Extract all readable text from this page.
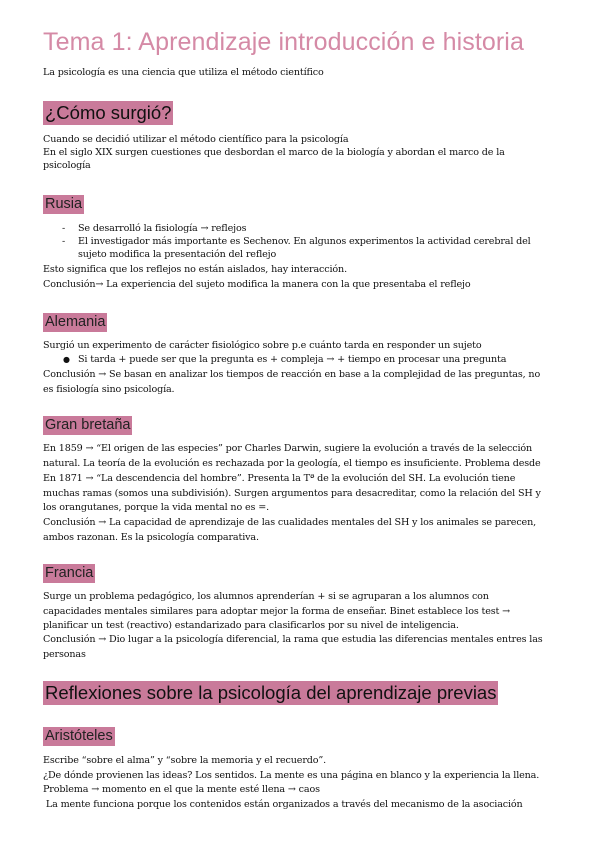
Tema 1: Aprendizaje introducción e historia
La psicología es una ciencia que utiliza el método científico
¿Cómo surgió?
Cuando se decidió utilizar el método científico para la psicología
En el siglo XIX surgen cuestiones que desbordan el marco de la biología y abordan el marco de la
psicología
Rusia
- Se desarrolló la fisiología → reflejos
- El investigador más importante es Sechenov. En algunos experimentos la actividad cerebral del
sujeto modifica la presentación del reflejo
Esto significa que los reflejos no están aislados, hay interacción.
Conclusión→ La experiencia del sujeto modifica la manera con la que presentaba el reflejo
Alemania
Surgió un experimento de carácter fisiológico sobre p.e cuánto tarda en responder un sujeto
● Si tarda + puede ser que la pregunta es + compleja → + tiempo en procesar una pregunta
Conclusión → Se basan en analizar los tiempos de reacción en base a la complejidad de las preguntas, no
es fisiología sino psicología.
Gran bretaña
En 1859 → “El origen de las especies” por Charles Darwin, sugiere la evolución a través de la selección
natural. La teoría de la evolución es rechazada por la geología, el tiempo es insuficiente. Problema desde
En 1871 → “La descendencia del hombre”. Presenta la Tª de la evolución del SH. La evolución tiene
muchas ramas (somos una subdivisión). Surgen argumentos para desacreditar, como la relación del SH y
los orangutanes, porque la vida mental no es =.
Conclusión → La capacidad de aprendizaje de las cualidades mentales del SH y los animales se parecen,
ambos razonan. Es la psicología comparativa.
Francia
Surge un problema pedagógico, los alumnos aprenderían + si se agruparan a los alumnos con
capacidades mentales similares para adoptar mejor la forma de enseñar. Binet establece los test →
planificar un test (reactivo) estandarizado para clasificarlos por su nivel de inteligencia.
Conclusión → Dio lugar a la psicología diferencial, la rama que estudia las diferencias mentales entres las
personas
Reflexiones sobre la psicología del aprendizaje previas
Aristóteles
Escribe “sobre el alma” y “sobre la memoria y el recuerdo”.
¿De dónde provienen las ideas? Los sentidos. La mente es una página en blanco y la experiencia la llena.
Problema → momento en el que la mente esté llena → caos
La mente funciona porque los contenidos están organizados a través del mecanismo de la asociación
